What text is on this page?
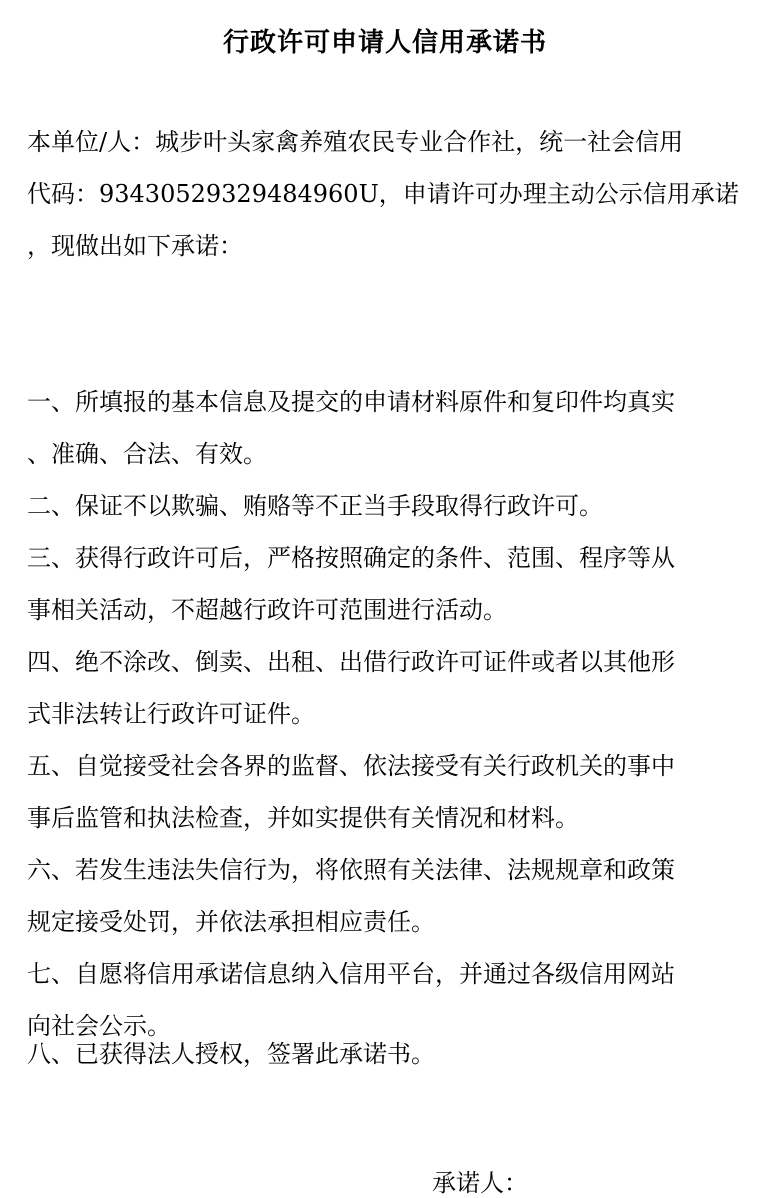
行政许可申请人信用承诺书
本单位/人：城步叶头家禽养殖农民专业合作社，统一社会信用
代码：93430529329484960U，申请许可办理主动公示信用承诺
，现做出如下承诺：
一、所填报的基本信息及提交的申请材料原件和复印件均真实
、准确、合法、有效。
二、保证不以欺骗、贿赂等不正当手段取得行政许可。
三、获得行政许可后，严格按照确定的条件、范围、程序等从
事相关活动，不超越行政许可范围进行活动。
四、绝不涂改、倒卖、出租、出借行政许可证件或者以其他形
式非法转让行政许可证件。
五、自觉接受社会各界的监督、依法接受有关行政机关的事中
事后监管和执法检查，并如实提供有关情况和材料。
六、若发生违法失信行为，将依照有关法律、法规规章和政策
规定接受处罚，并依法承担相应责任。
七、自愿将信用承诺信息纳入信用平台，并通过各级信用网站
向社会公示。
八、已获得法人授权，签署此承诺书。
承诺人：
